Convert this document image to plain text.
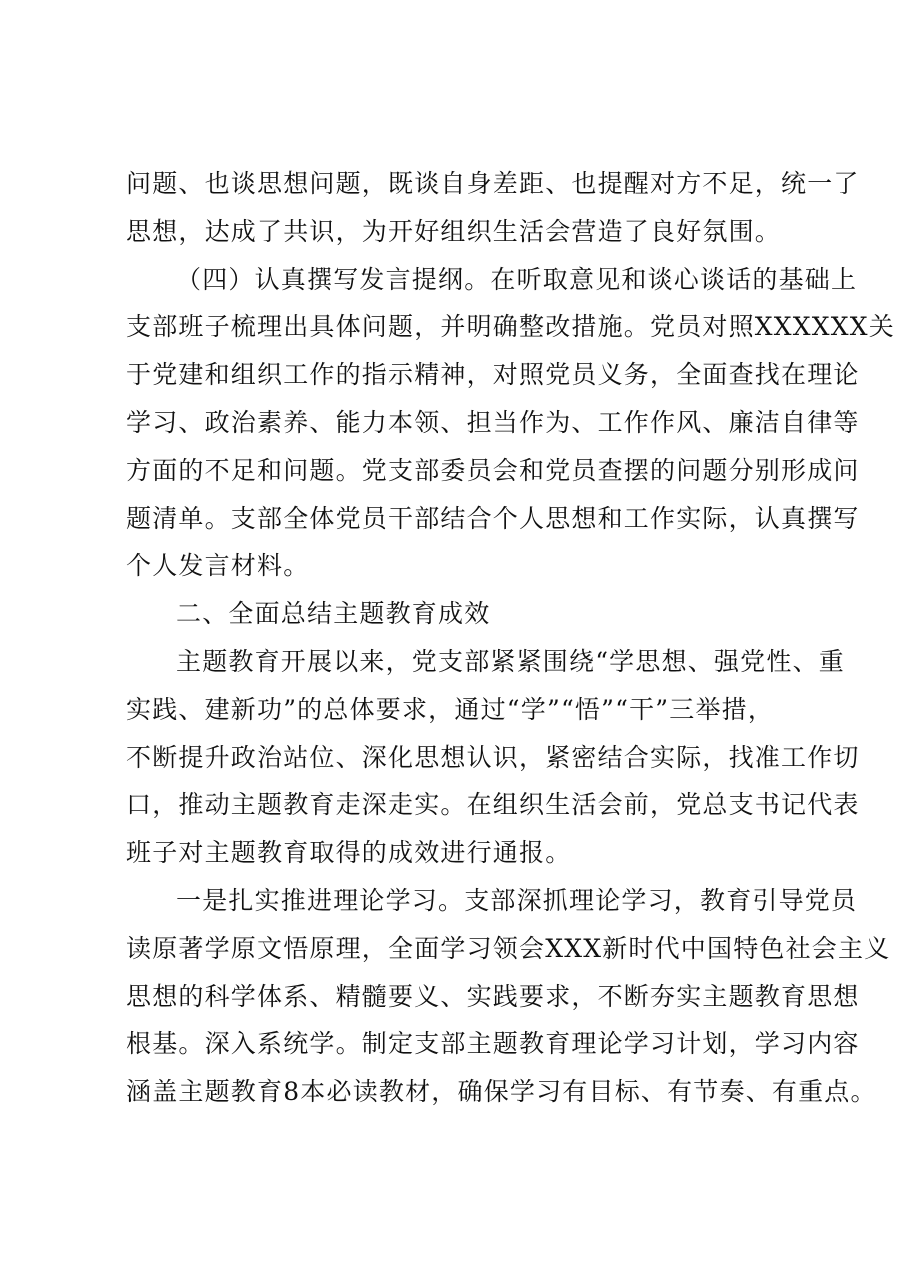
问题、也谈思想问题，既谈自身差距、也提醒对方不足，统一了
思想，达成了共识，为开好组织生活会营造了良好氛围。
（四）认真撰写发言提纲。在听取意见和谈心谈话的基础上
支部班子梳理出具体问题，并明确整改措施。党员对照XXXXXX关
于党建和组织工作的指示精神，对照党员义务，全面查找在理论
学习、政治素养、能力本领、担当作为、工作作风、廉洁自律等
方面的不足和问题。党支部委员会和党员查摆的问题分别形成问
题清单。支部全体党员干部结合个人思想和工作实际，认真撰写
个人发言材料。
二、全面总结主题教育成效
主题教育开展以来，党支部紧紧围绕“学思想、强党性、重
实践、建新功”的总体要求，通过“学”“悟”“干”三举措，
不断提升政治站位、深化思想认识，紧密结合实际，找准工作切
口，推动主题教育走深走实。在组织生活会前，党总支书记代表
班子对主题教育取得的成效进行通报。
一是扎实推进理论学习。支部深抓理论学习，教育引导党员
读原著学原文悟原理，全面学习领会XXX新时代中国特色社会主义
思想的科学体系、精髓要义、实践要求，不断夯实主题教育思想
根基。深入系统学。制定支部主题教育理论学习计划，学习内容
涵盖主题教育8本必读教材，确保学习有目标、有节奏、有重点。
